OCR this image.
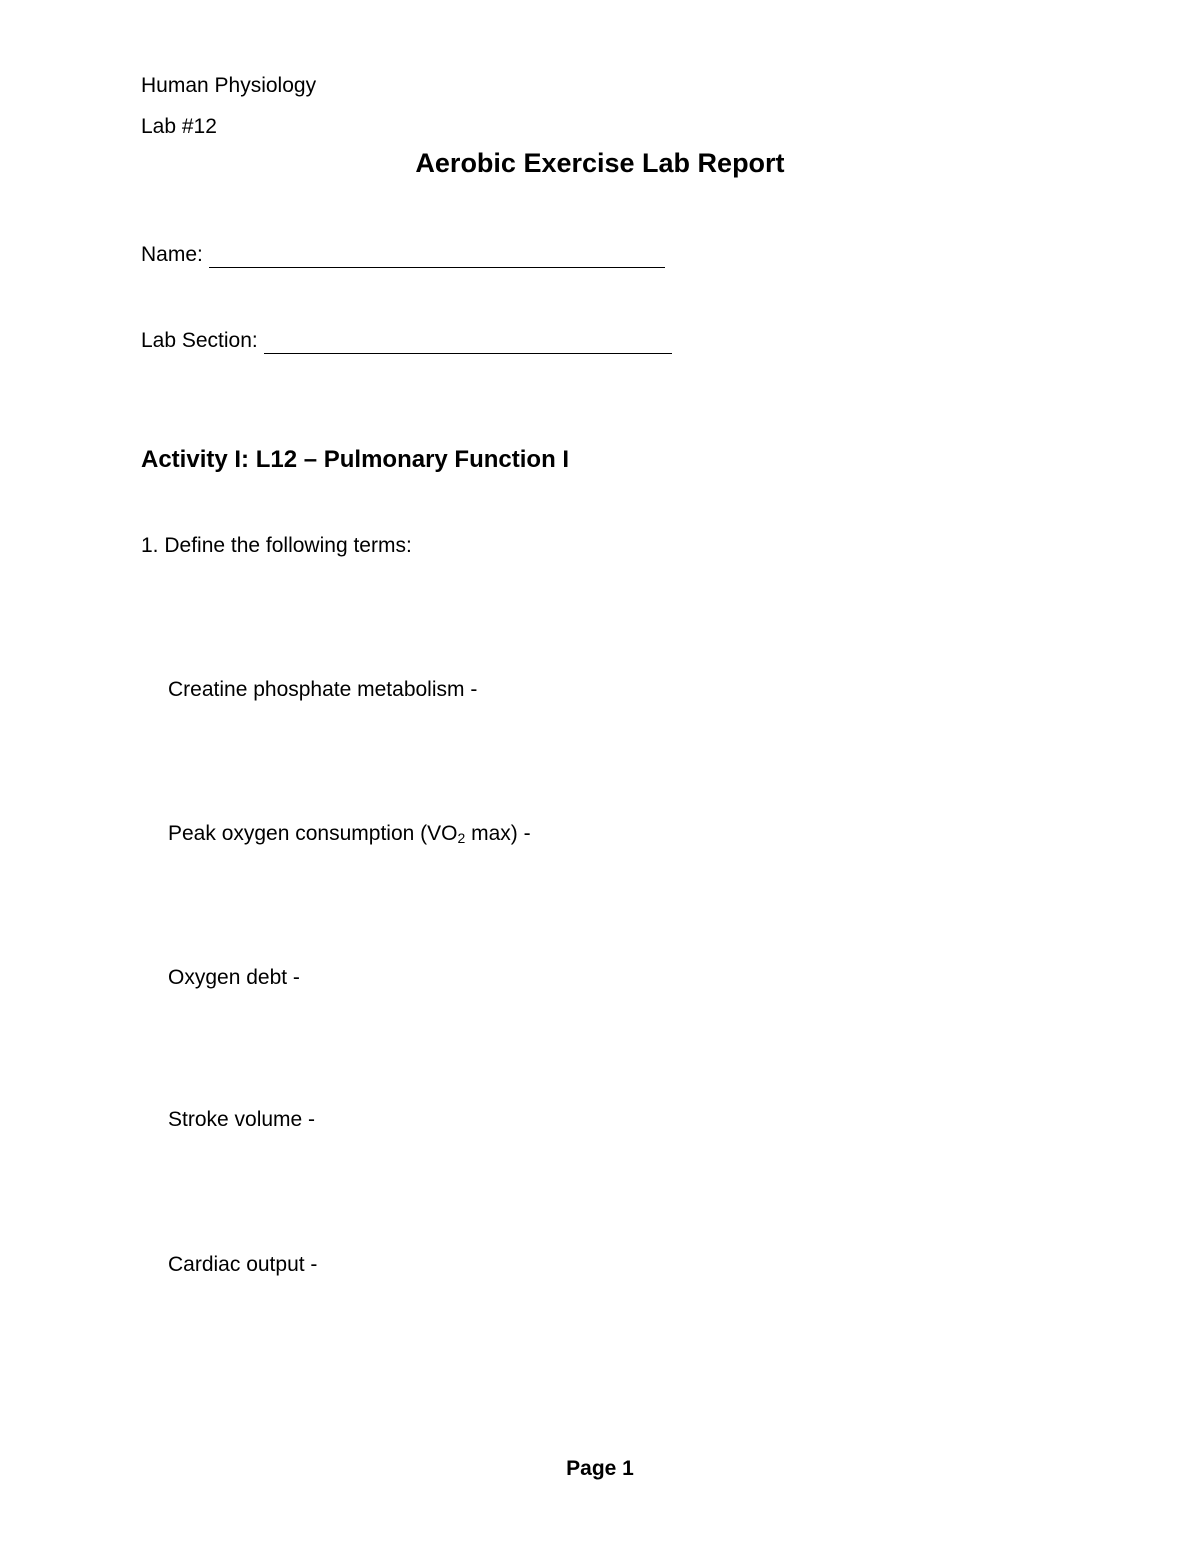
Human Physiology
Lab #12
Aerobic Exercise Lab Report
Name:
Lab Section:
Activity I: L12 – Pulmonary Function I
1. Define the following terms:
Creatine phosphate metabolism -
Peak oxygen consumption ($VO_2$ max) -
Oxygen debt -
Stroke volume -
Cardiac output -
Page 1
